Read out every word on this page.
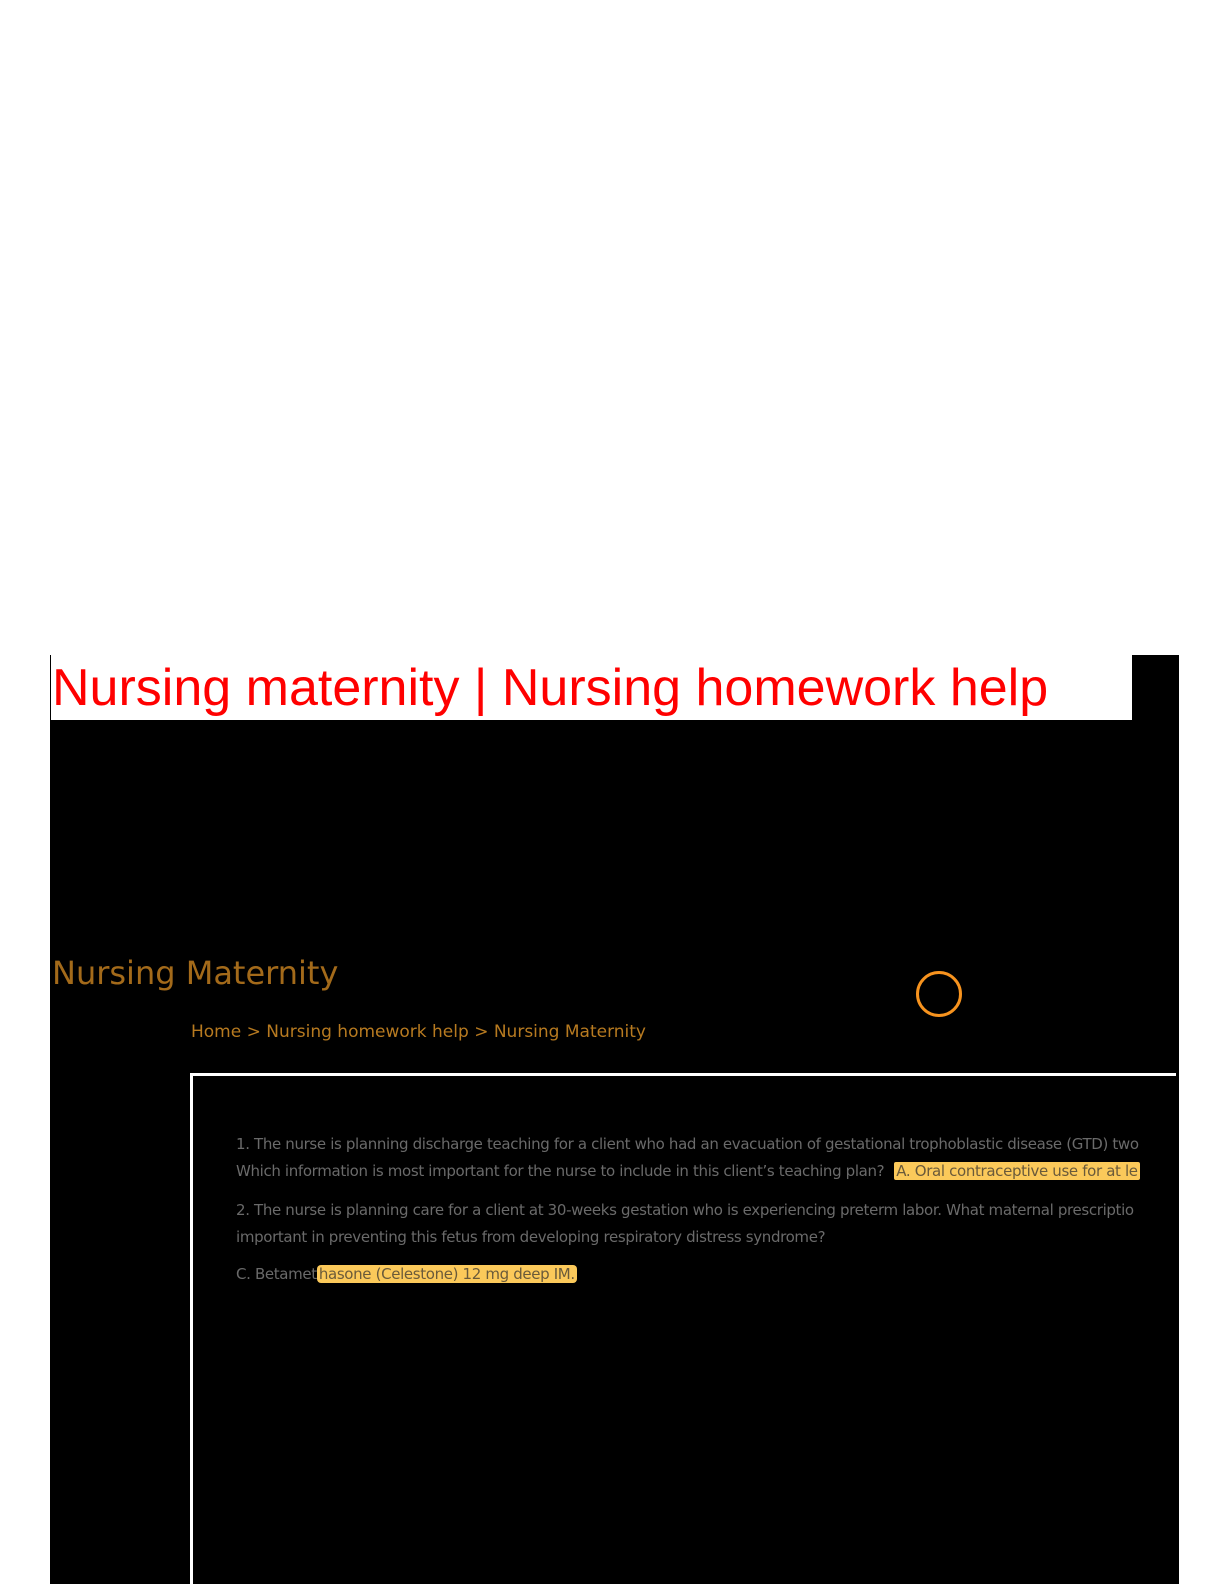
Nursing maternity | Nursing homework help
Nursing Maternity
Home > Nursing homework help > Nursing Maternity
1. The nurse is planning discharge teaching for a client who had an evacuation of gestational trophoblastic disease (GTD) two
Which information is most important for the nurse to include in this client’s teaching plan? A. Oral contraceptive use for at le
2. The nurse is planning care for a client at 30-weeks gestation who is experiencing preterm labor. What maternal prescriptio
important in preventing this fetus from developing respiratory distress syndrome?
C. Betamet hasone (Celestone) 12 mg deep IM.
